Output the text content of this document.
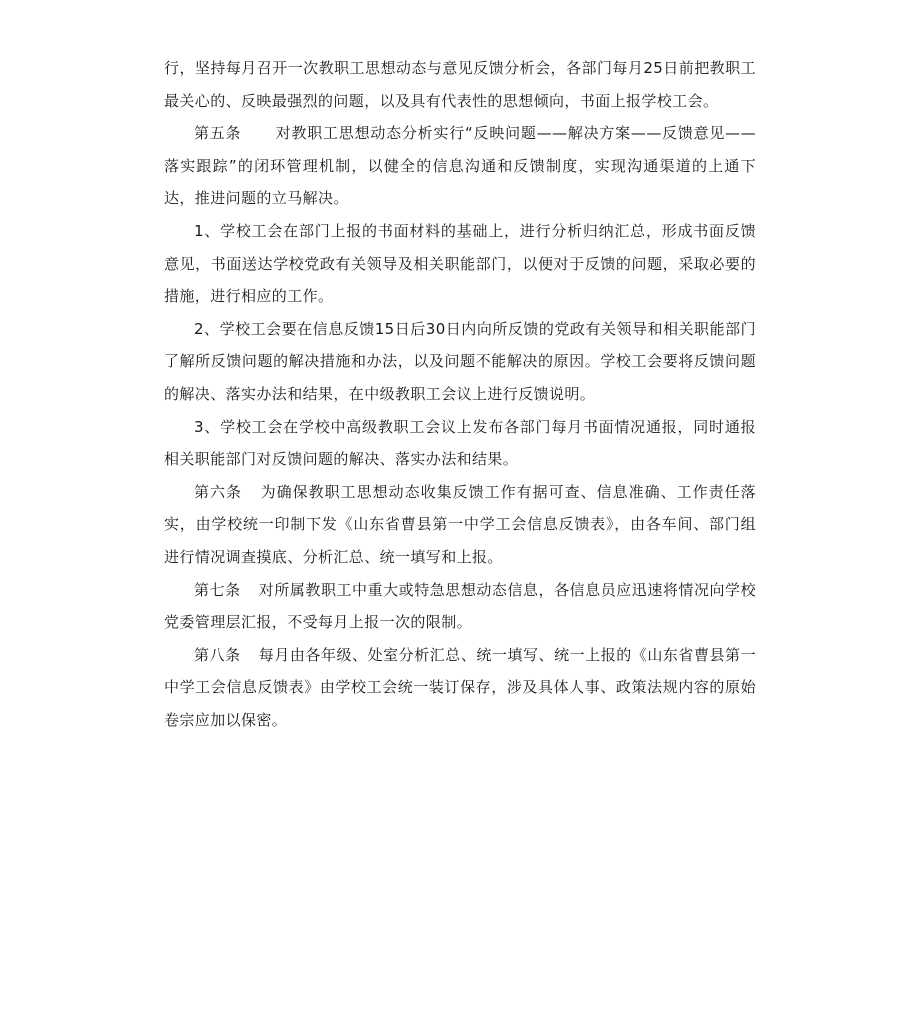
行，坚持每月召开一次教职工思想动态与意见反馈分析会，各部门每月25日前把教职工最关心的、反映最强烈的问题，以及具有代表性的思想倾向，书面上报学校工会。

第五条 对教职工思想动态分析实行“反映问题——解决方案——反馈意见——落实跟踪”的闭环管理机制，以健全的信息沟通和反馈制度，实现沟通渠道的上通下达，推进问题的立马解决。

1、学校工会在部门上报的书面材料的基础上，进行分析归纳汇总，形成书面反馈意见，书面送达学校党政有关领导及相关职能部门，以便对于反馈的问题，采取必要的措施，进行相应的工作。

2、学校工会要在信息反馈15日后30日内向所反馈的党政有关领导和相关职能部门了解所反馈问题的解决措施和办法，以及问题不能解决的原因。学校工会要将反馈问题的解决、落实办法和结果，在中级教职工会议上进行反馈说明。

3、学校工会在学校中高级教职工会议上发布各部门每月书面情况通报，同时通报相关职能部门对反馈问题的解决、落实办法和结果。

第六条 为确保教职工思想动态收集反馈工作有据可查、信息准确、工作责任落实，由学校统一印制下发《山东省曹县第一中学工会信息反馈表》，由各车间、部门组进行情况调查摸底、分析汇总、统一填写和上报。

第七条 对所属教职工中重大或特急思想动态信息，各信息员应迅速将情况向学校党委管理层汇报，不受每月上报一次的限制。

第八条 每月由各年级、处室分析汇总、统一填写、统一上报的《山东省曹县第一中学工会信息反馈表》由学校工会统一装订保存，涉及具体人事、政策法规内容的原始卷宗应加以保密。
